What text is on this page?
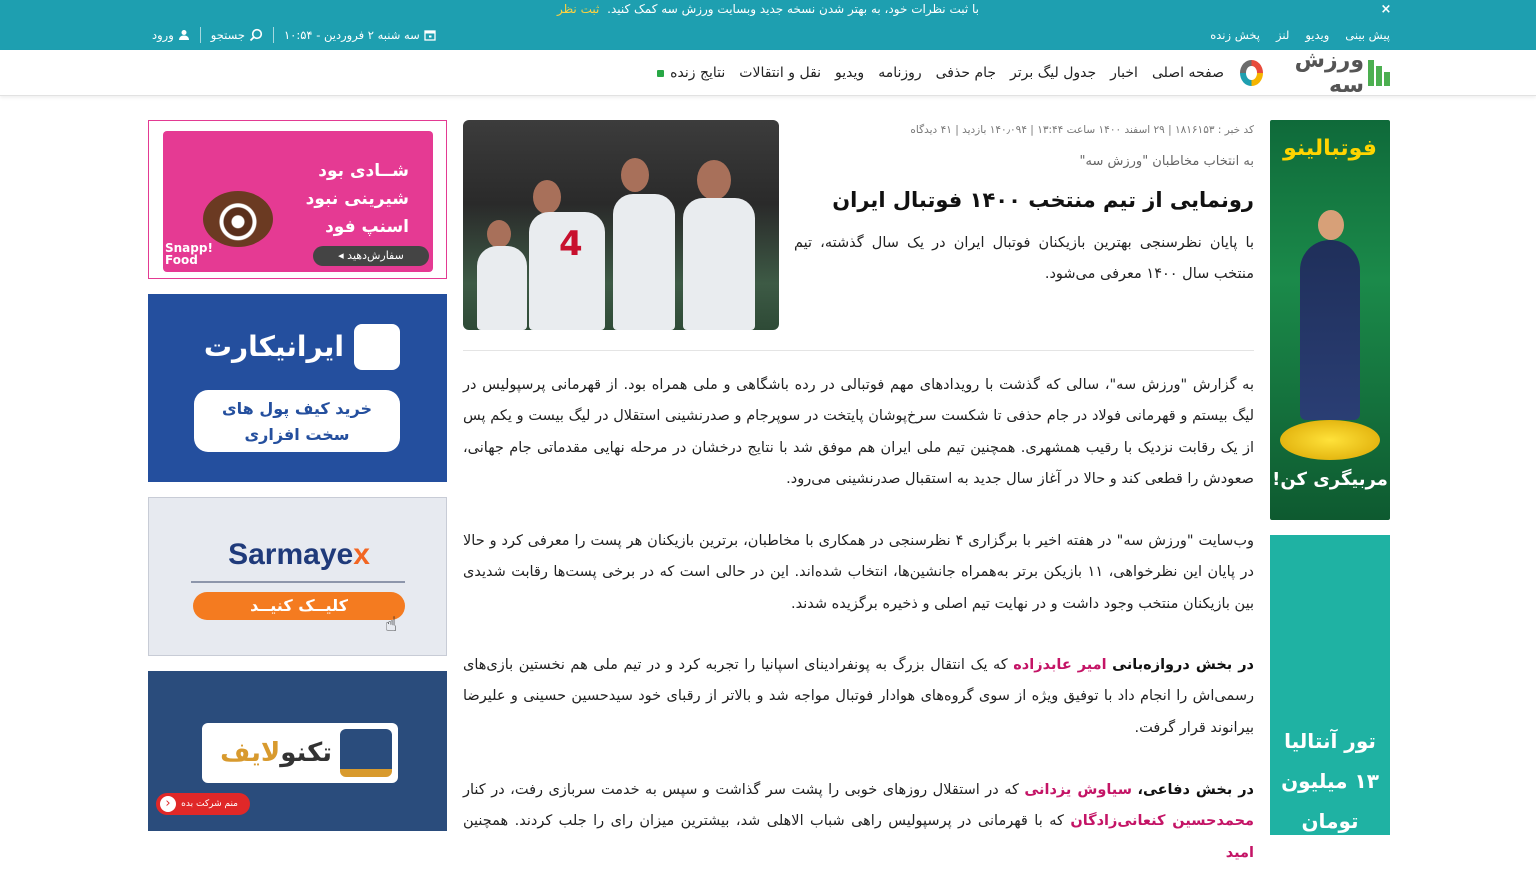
با ثبت نظرات خود، به بهتر شدن نسخه جدید وبسایت ورزش سه کمک کنید. ثبت نظر	×
پیش بینی
ویدیو
لنز
پخش زنده
ورود	جستجو	سه شنبه ۲ فروردین - ۱۰:۵۴
ورزش سه
صفحه اصلی
اخبار
جدول لیگ برتر
جام حذفی
روزنامه
ویدیو
نقل و انتقالات
نتایج زنده
فوتبالینو
مربیگری کن!
تور آنتالیا
۱۳ میلیون تومان
تخفیف
شــادی بود
شیرینی نبود
اسنپ فود
Snapp! Food	سفارش‌دهید ◂
ایرانیکارت
خرید کیف پول های
سخت افزاری
Sarmayex
کلیــک کنیــد
☝
تکنولایف
‹ منم شرکت بده
کد خبر : ۱۸۱۶۱۵۳ | ۲۹ اسفند ۱۴۰۰ ساعت ۱۳:۴۴ | ۱۴۰٫۰۹۴ بازدید | ۴۱ دیدگاه
به انتخاب مخاطبان "ورزش سه"
رونمایی از تیم منتخب ۱۴۰۰ فوتبال ایران
با پایان نظرسنجی بهترین بازیکنان فوتبال ایران در یک سال گذشته، تیم منتخب سال ۱۴۰۰ معرفی می‌شود.
4

به گزارش "ورزش سه"، سالی که گذشت با رویدادهای مهم فوتبالی در رده باشگاهی و ملی همراه بود. از قهرمانی پرسپولیس در لیگ بیستم و قهرمانی فولاد در جام حذفی تا شکست سرخ‌پوشان پایتخت در سوپرجام و صدرنشینی استقلال در لیگ بیست و یکم پس از یک رقابت نزدیک با رقیب همشهری. همچنین تیم ملی ایران هم موفق شد با نتایج درخشان در مرحله نهایی مقدماتی جام جهانی، صعودش را قطعی کند و حالا در آغاز سال جدید به استقبال صدرنشینی می‌رود.

وب‌سایت "ورزش سه" در هفته اخیر با برگزاری ۴ نظرسنجی در همکاری با مخاطبان، برترین بازیکنان هر پست را معرفی کرد و حالا در پایان این نظرخواهی، ۱۱ بازیکن برتر به‌همراه جانشین‌ها، انتخاب شده‌اند. این در حالی است که در برخی پست‌ها رقابت شدیدی بین بازیکنان منتخب وجود داشت و در نهایت تیم اصلی و ذخیره برگزیده شدند.

در بخش دروازه‌بانی امیر عابدزاده که یک انتقال بزرگ به پونفرادینای اسپانیا را تجربه کرد و در تیم ملی هم نخستین بازی‌های رسمی‌اش را انجام داد با توفیق ویژه از سوی گروه‌های هوادار فوتبال مواجه شد و بالاتر از رقبای خود سیدحسین حسینی و علیرضا بیرانوند قرار گرفت.

در بخش دفاعی، سیاوش یزدانی که در استقلال روزهای خوبی را پشت سر گذاشت و سپس به خدمت سربازی رفت، در کنار محمدحسین کنعانی‌زادگان که با قهرمانی در پرسپولیس راهی شباب الاهلی شد، بیشترین میزان رای را جلب کردند. همچنین امید
